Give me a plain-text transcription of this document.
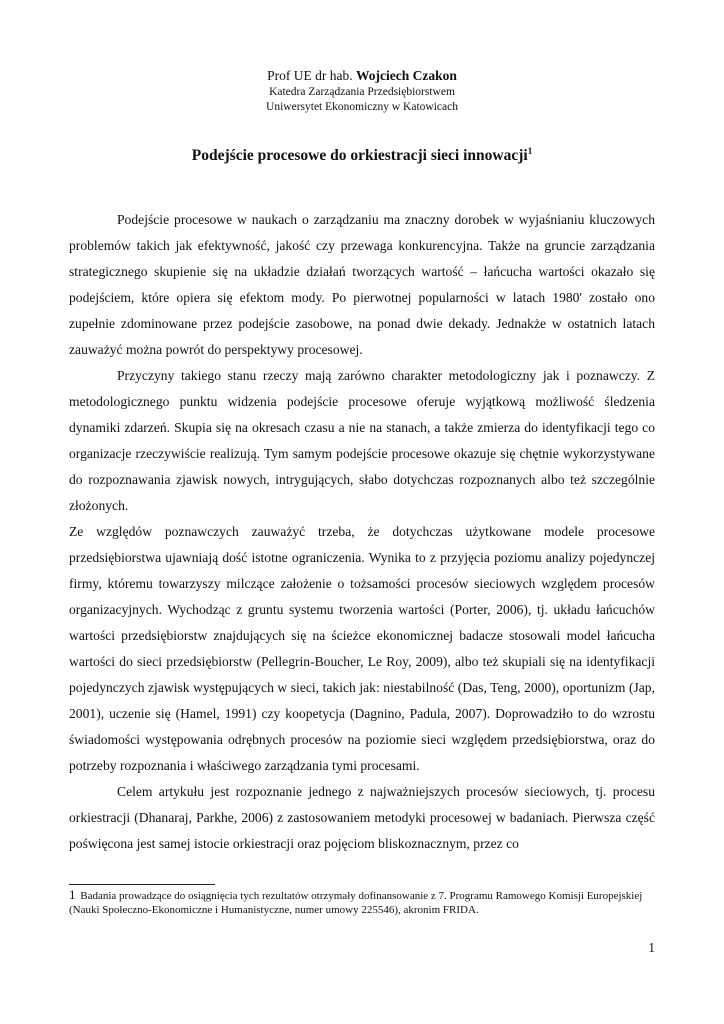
Prof UE dr hab. Wojciech Czakon
Katedra Zarządzania Przedsiębiorstwem
Uniwersytet Ekonomiczny w Katowicach
Podejście procesowe do orkiestracji sieci innowacji$^1$

Podejście procesowe w naukach o zarządzaniu ma znaczny dorobek w wyjaśnianiu kluczowych problemów takich jak efektywność, jakość czy przewaga konkurencyjna. Także na gruncie zarządzania strategicznego skupienie się na układzie działań tworzących wartość – łańcucha wartości okazało się podejściem, które opiera się efektom mody. Po pierwotnej popularności w latach 1980' zostało ono zupełnie zdominowane przez podejście zasobowe, na ponad dwie dekady. Jednakże w ostatnich latach zauważyć można powrót do perspektywy procesowej.

Przyczyny takiego stanu rzeczy mają zarówno charakter metodologiczny jak i poznawczy. Z metodologicznego punktu widzenia podejście procesowe oferuje wyjątkową możliwość śledzenia dynamiki zdarzeń. Skupia się na okresach czasu a nie na stanach, a także zmierza do identyfikacji tego co organizacje rzeczywiście realizują. Tym samym podejście procesowe okazuje się chętnie wykorzystywane do rozpoznawania zjawisk nowych, intrygujących, słabo dotychczas rozpoznanych albo też szczególnie złożonych.

Ze względów poznawczych zauważyć trzeba, że dotychczas użytkowane modele procesowe przedsiębiorstwa ujawniają dość istotne ograniczenia. Wynika to z przyjęcia poziomu analizy pojedynczej firmy, któremu towarzyszy milczące założenie o tożsamości procesów sieciowych względem procesów organizacyjnych. Wychodząc z gruntu systemu tworzenia wartości (Porter, 2006), tj. układu łańcuchów wartości przedsiębiorstw znajdujących się na ścieżce ekonomicznej badacze stosowali model łańcucha wartości do sieci przedsiębiorstw (Pellegrin-Boucher, Le Roy, 2009), albo też skupiali się na identyfikacji pojedynczych zjawisk występujących w sieci, takich jak: niestabilność (Das, Teng, 2000), oportunizm (Jap, 2001), uczenie się (Hamel, 1991) czy koopetycja (Dagnino, Padula, 2007). Doprowadziło to do wzrostu świadomości występowania odrębnych procesów na poziomie sieci względem przedsiębiorstwa, oraz do potrzeby rozpoznania i właściwego zarządzania tymi procesami.

Celem artykułu jest rozpoznanie jednego z najważniejszych procesów sieciowych, tj. procesu orkiestracji (Dhanaraj, Parkhe, 2006) z zastosowaniem metodyki procesowej w badaniach. Pierwsza część poświęcona jest samej istocie orkiestracji oraz pojęciom bliskoznacznym, przez co

1 Badania prowadzące do osiągnięcia tych rezultatów otrzymały dofinansowanie z 7. Programu Ramowego Komisji Europejskiej (Nauki Społeczno-Ekonomiczne i Humanistyczne, numer umowy 225546), akronim FRIDA.
1
